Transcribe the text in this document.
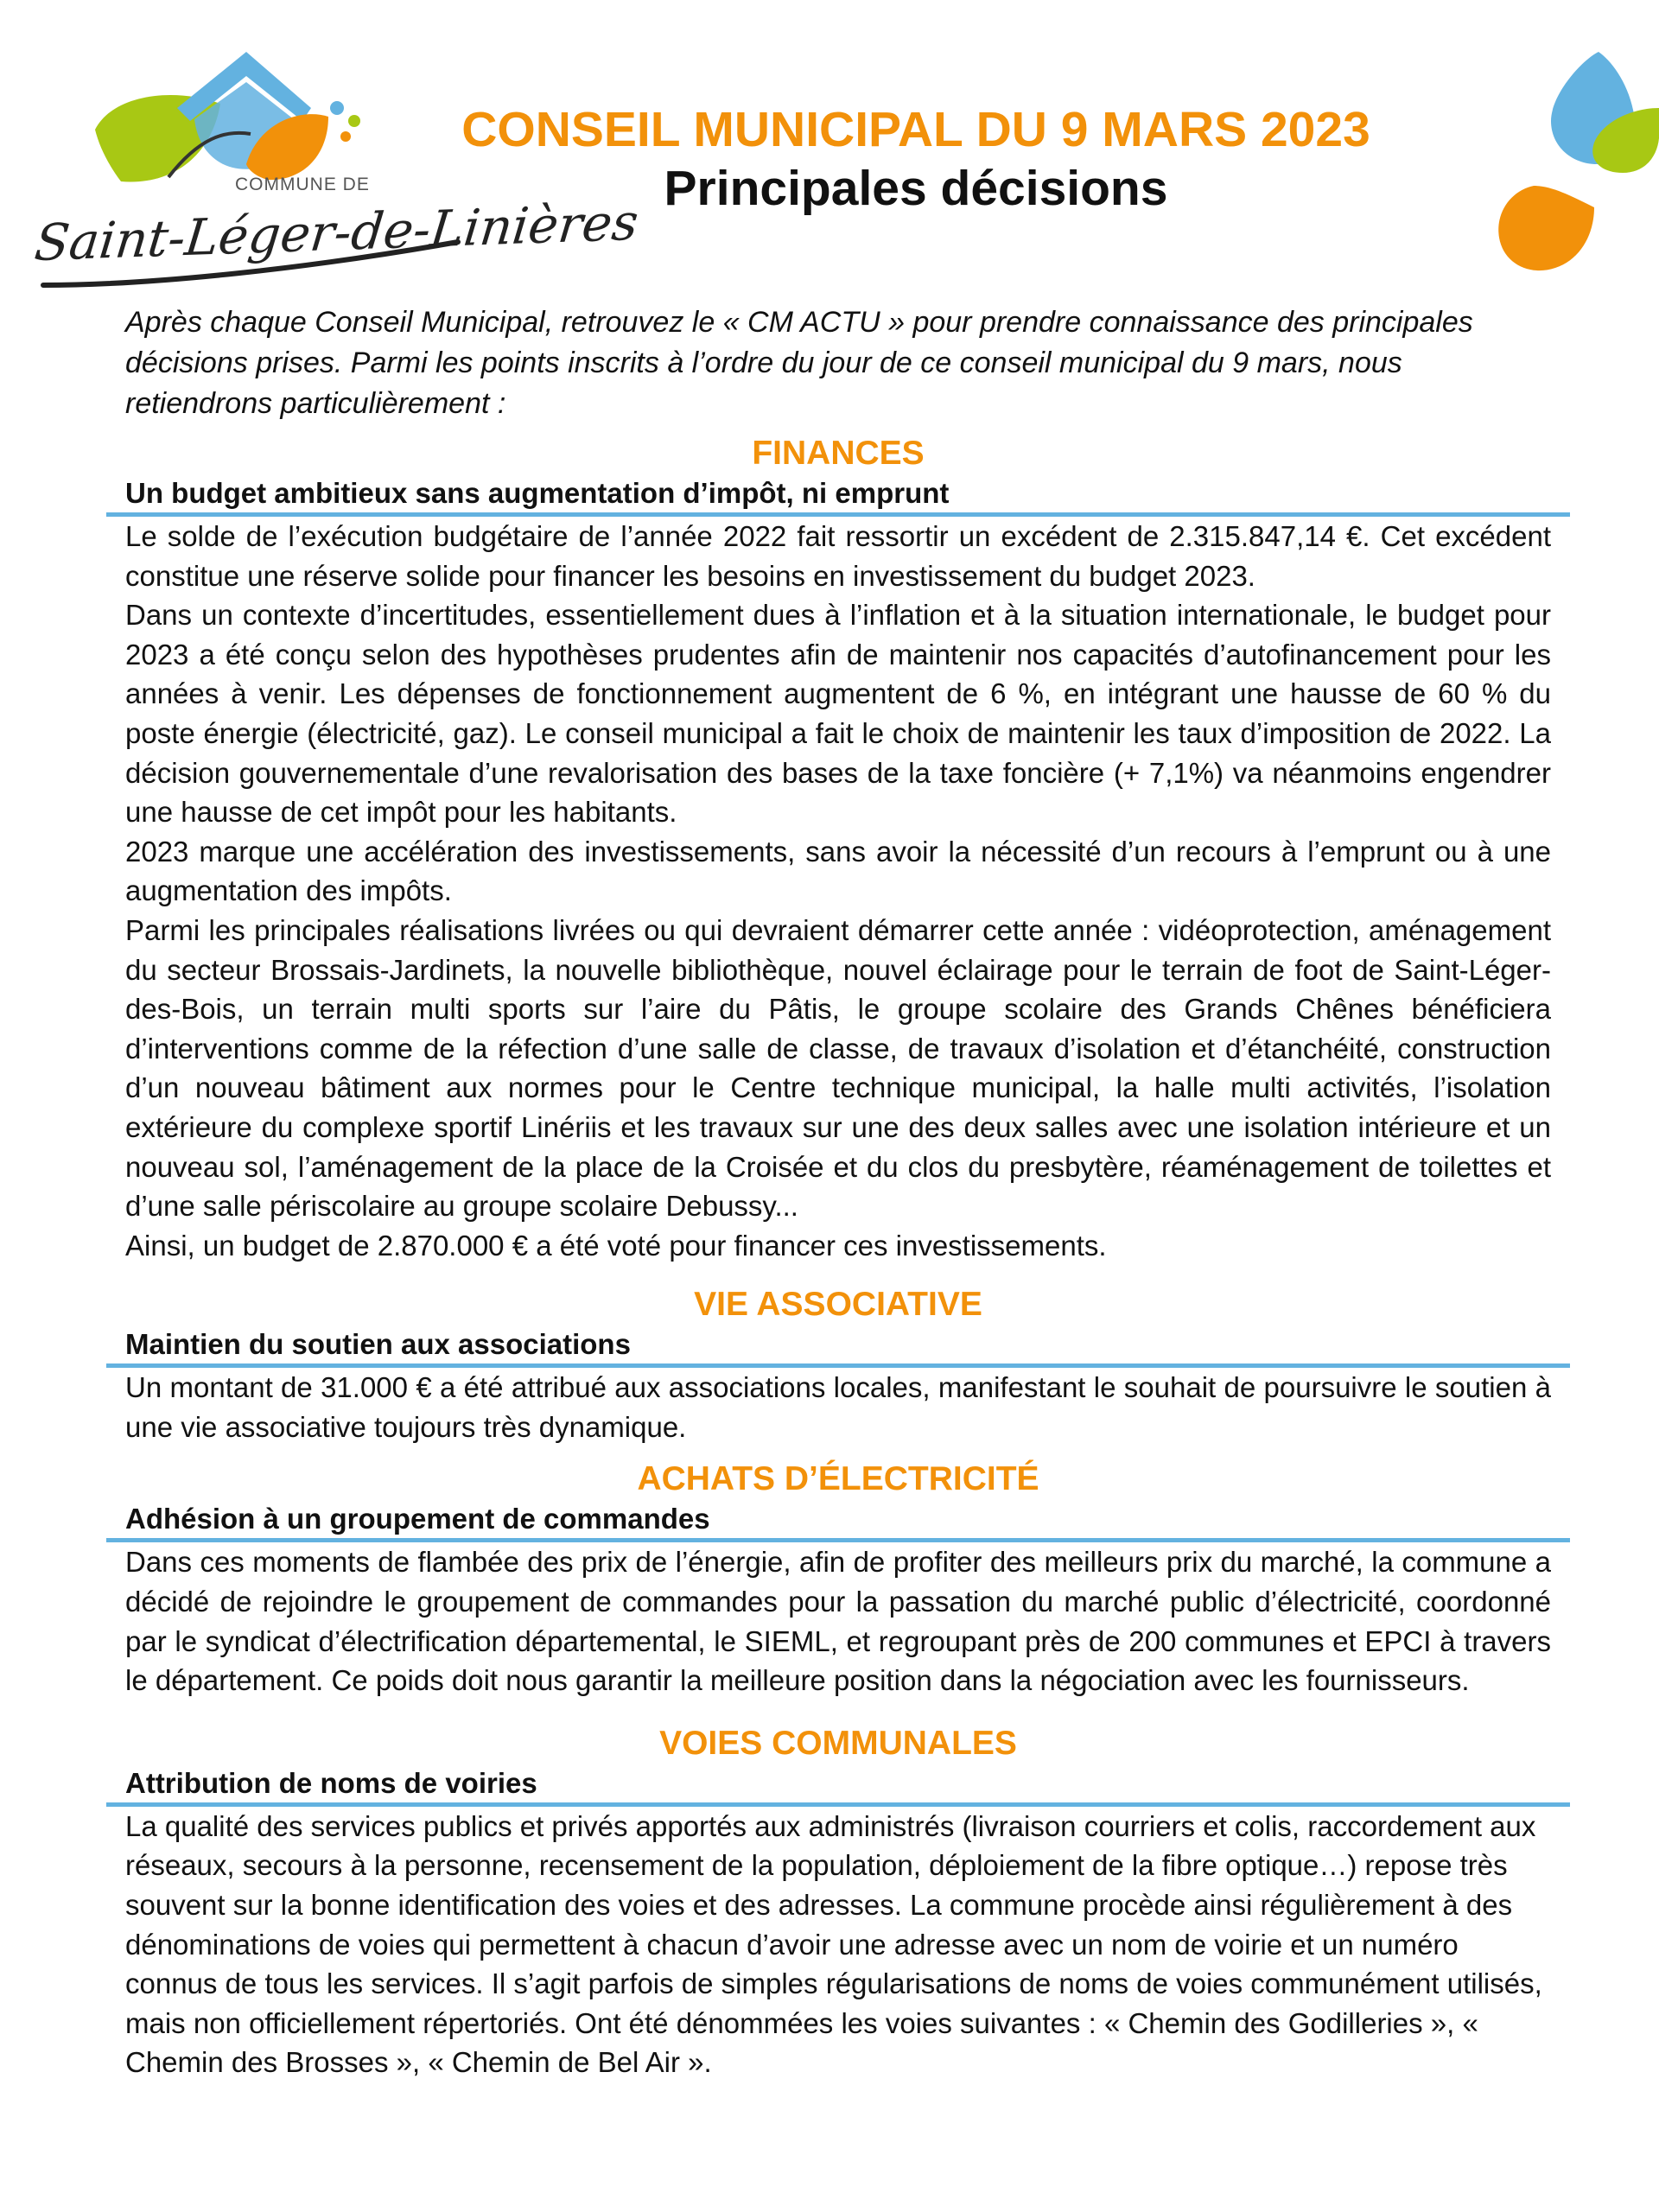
COMMUNE DE
Saint-Léger-de-Linières
CONSEIL MUNICIPAL DU 9 MARS 2023
Principales décisions

Après chaque Conseil Municipal, retrouvez le « CM ACTU » pour prendre connaissance des principales décisions prises. Parmi les points inscrits à l’ordre du jour de ce conseil municipal du 9 mars, nous retiendrons particulièrement :

FINANCES
Un budget ambitieux sans augmentation d’impôt, ni emprunt

Le solde de l’exécution budgétaire de l’année 2022 fait ressortir un excédent de 2.315.847,14 €. Cet excédent constitue une réserve solide pour financer les besoins en investissement du budget 2023.

Dans un contexte d’incertitudes, essentiellement dues à l’inflation et à la situation internationale, le budget pour 2023 a été conçu selon des hypothèses prudentes afin de maintenir nos capacités d’autofinancement pour les années à venir. Les dépenses de fonctionnement augmentent de 6 %, en intégrant une hausse de 60 % du poste énergie (électricité, gaz). Le conseil municipal a fait le choix de maintenir les taux d’imposition de 2022. La décision gouvernementale d’une revalorisation des bases de la taxe foncière (+ 7,1%) va néanmoins engendrer une hausse de cet impôt pour les habitants.

2023 marque une accélération des investissements, sans avoir la nécessité d’un recours à l’emprunt ou à une augmentation des impôts.

Parmi les principales réalisations livrées ou qui devraient démarrer cette année : vidéoprotection, aménagement du secteur Brossais-Jardinets, la nouvelle bibliothèque, nouvel éclairage pour le terrain de foot de Saint-Léger-des-Bois, un terrain multi sports sur l’aire du Pâtis, le groupe scolaire des Grands Chênes bénéficiera d’interventions comme de la réfection d’une salle de classe, de travaux d’isolation et d’étanchéité, construction d’un nouveau bâtiment aux normes pour le Centre technique municipal, la halle multi activités, l’isolation extérieure du complexe sportif Linériis et les travaux sur une des deux salles avec une isolation intérieure et un nouveau sol, l’aménagement de la place de la Croisée et du clos du presbytère, réaménagement de toilettes et d’une salle périscolaire au groupe scolaire Debussy...

Ainsi, un budget de 2.870.000 € a été voté pour financer ces investissements.

VIE ASSOCIATIVE
Maintien du soutien aux associations

Un montant de 31.000 € a été attribué aux associations locales, manifestant le souhait de poursuivre le soutien à une vie associative toujours très dynamique.

ACHATS D’ÉLECTRICITÉ
Adhésion à un groupement de commandes

Dans ces moments de flambée des prix de l’énergie, afin de profiter des meilleurs prix du marché, la commune a décidé de rejoindre le groupement de commandes pour la passation du marché public d’électricité, coordonné par le syndicat d’électrification départemental, le SIEML, et regroupant près de 200 communes et EPCI à travers le département. Ce poids doit nous garantir la meilleure position dans la négociation avec les fournisseurs.

VOIES COMMUNALES
Attribution de noms de voiries

La qualité des services publics et privés apportés aux administrés (livraison courriers et colis, raccordement aux réseaux, secours à la personne, recensement de la population, déploiement de la fibre optique…) repose très souvent sur la bonne identification des voies et des adresses. La commune procède ainsi régulièrement à des dénominations de voies qui permettent à chacun d’avoir une adresse avec un nom de voirie et un numéro connus de tous les services. Il s’agit parfois de simples régularisations de noms de voies communément utilisés, mais non officiellement répertoriés. Ont été dénommées les voies suivantes : « Chemin des Godilleries », « Chemin des Brosses », « Chemin de Bel Air ».
